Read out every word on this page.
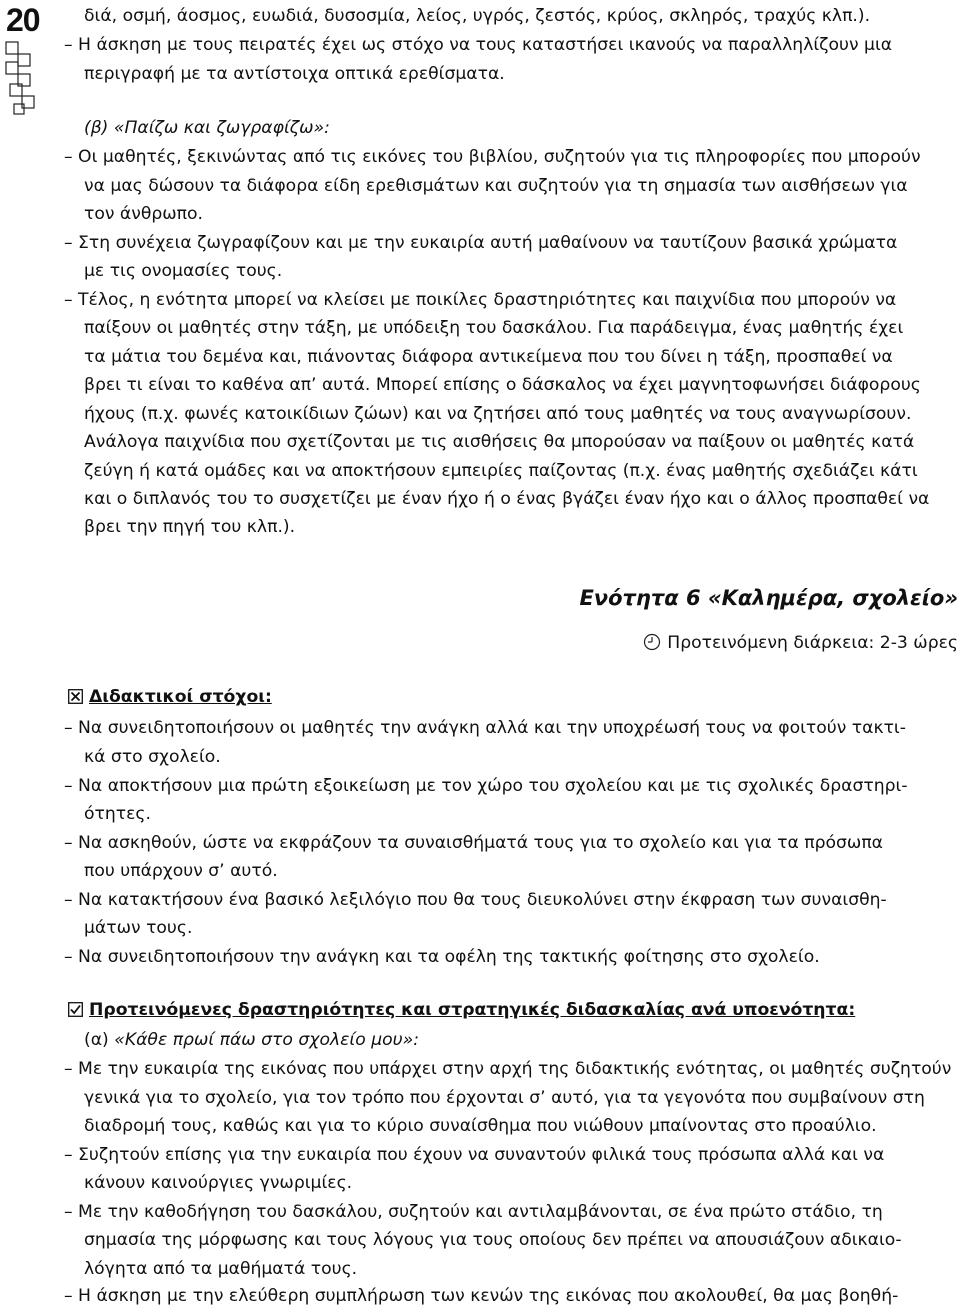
20	διά, οσμή, άοσμος, ευωδιά, δυσοσμία, λείος, υγρός, ζεστός, κρύος, σκληρός, τραχύς κλπ.).
– Η άσκηση με τους πειρατές έχει ως στόχο να τους καταστήσει ικανούς να παραλληλίζουν μια
περιγραφή με τα αντίστοιχα οπτικά ερεθίσματα.
(β) «Παίζω και ζωγραφίζω»:
– Οι μαθητές, ξεκινώντας από τις εικόνες του βιβλίου, συζητούν για τις πληροφορίες που μπορούν
να μας δώσουν τα διάφορα είδη ερεθισμάτων και συζητούν για τη σημασία των αισθήσεων για
τον άνθρωπο.
– Στη συνέχεια ζωγραφίζουν και με την ευκαιρία αυτή μαθαίνουν να ταυτίζουν βασικά χρώματα
με τις ονομασίες τους.
– Τέλος, η ενότητα μπορεί να κλείσει με ποικίλες δραστηριότητες και παιχνίδια που μπορούν να
παίξουν οι μαθητές στην τάξη, με υπόδειξη του δασκάλου. Για παράδειγμα, ένας μαθητής έχει
τα μάτια του δεμένα και, πιάνοντας διάφορα αντικείμενα που του δίνει η τάξη, προσπαθεί να
βρει τι είναι το καθένα απ’ αυτά. Μπορεί επίσης ο δάσκαλος να έχει μαγνητοφωνήσει διάφορους
ήχους (π.χ. φωνές κατοικίδιων ζώων) και να ζητήσει από τους μαθητές να τους αναγνωρίσουν.
Ανάλογα παιχνίδια που σχετίζονται με τις αισθήσεις θα μπορούσαν να παίξουν οι μαθητές κατά
ζεύγη ή κατά ομάδες και να αποκτήσουν εμπειρίες παίζοντας (π.χ. ένας μαθητής σχεδιάζει κάτι
και ο διπλανός του το συσχετίζει με έναν ήχο ή ο ένας βγάζει έναν ήχο και ο άλλος προσπαθεί να
βρει την πηγή του κλπ.).
Ενότητα 6 «Καλημέρα, σχολείο»
Προτεινόμενη διάρκεια: 2-3 ώρες
Διδακτικοί στόχοι:
– Να συνειδητοποιήσουν οι μαθητές την ανάγκη αλλά και την υποχρέωσή τους να φοιτούν τακτι-
κά στο σχολείο.
– Να αποκτήσουν μια πρώτη εξοικείωση με τον χώρο του σχολείου και με τις σχολικές δραστηρι-
ότητες.
– Να ασκηθούν, ώστε να εκφράζουν τα συναισθήματά τους για το σχολείο και για τα πρόσωπα
που υπάρχουν σ’ αυτό.
– Να κατακτήσουν ένα βασικό λεξιλόγιο που θα τους διευκολύνει στην έκφραση των συναισθη-
μάτων τους.
– Να συνειδητοποιήσουν την ανάγκη και τα οφέλη της τακτικής φοίτησης στο σχολείο.
Προτεινόμενες δραστηριότητες και στρατηγικές διδασκαλίας ανά υποενότητα:
(α) «Κάθε πρωί πάω στο σχολείο μου»:
– Με την ευκαιρία της εικόνας που υπάρχει στην αρχή της διδακτικής ενότητας, οι μαθητές συζητούν
γενικά για το σχολείο, για τον τρόπο που έρχονται σ’ αυτό, για τα γεγονότα που συμβαίνουν στη
διαδρομή τους, καθώς και για το κύριο συναίσθημα που νιώθουν μπαίνοντας στο προαύλιο.
– Συζητούν επίσης για την ευκαιρία που έχουν να συναντούν φιλικά τους πρόσωπα αλλά και να
κάνουν καινούργιες γνωριμίες.
– Με την καθοδήγηση του δασκάλου, συζητούν και αντιλαμβάνονται, σε ένα πρώτο στάδιο, τη
σημασία της μόρφωσης και τους λόγους για τους οποίους δεν πρέπει να απουσιάζουν αδικαιο-
λόγητα από τα μαθήματά τους.
– Η άσκηση με την ελεύθερη συμπλήρωση των κενών της εικόνας που ακολουθεί, θα μας βοηθή-
